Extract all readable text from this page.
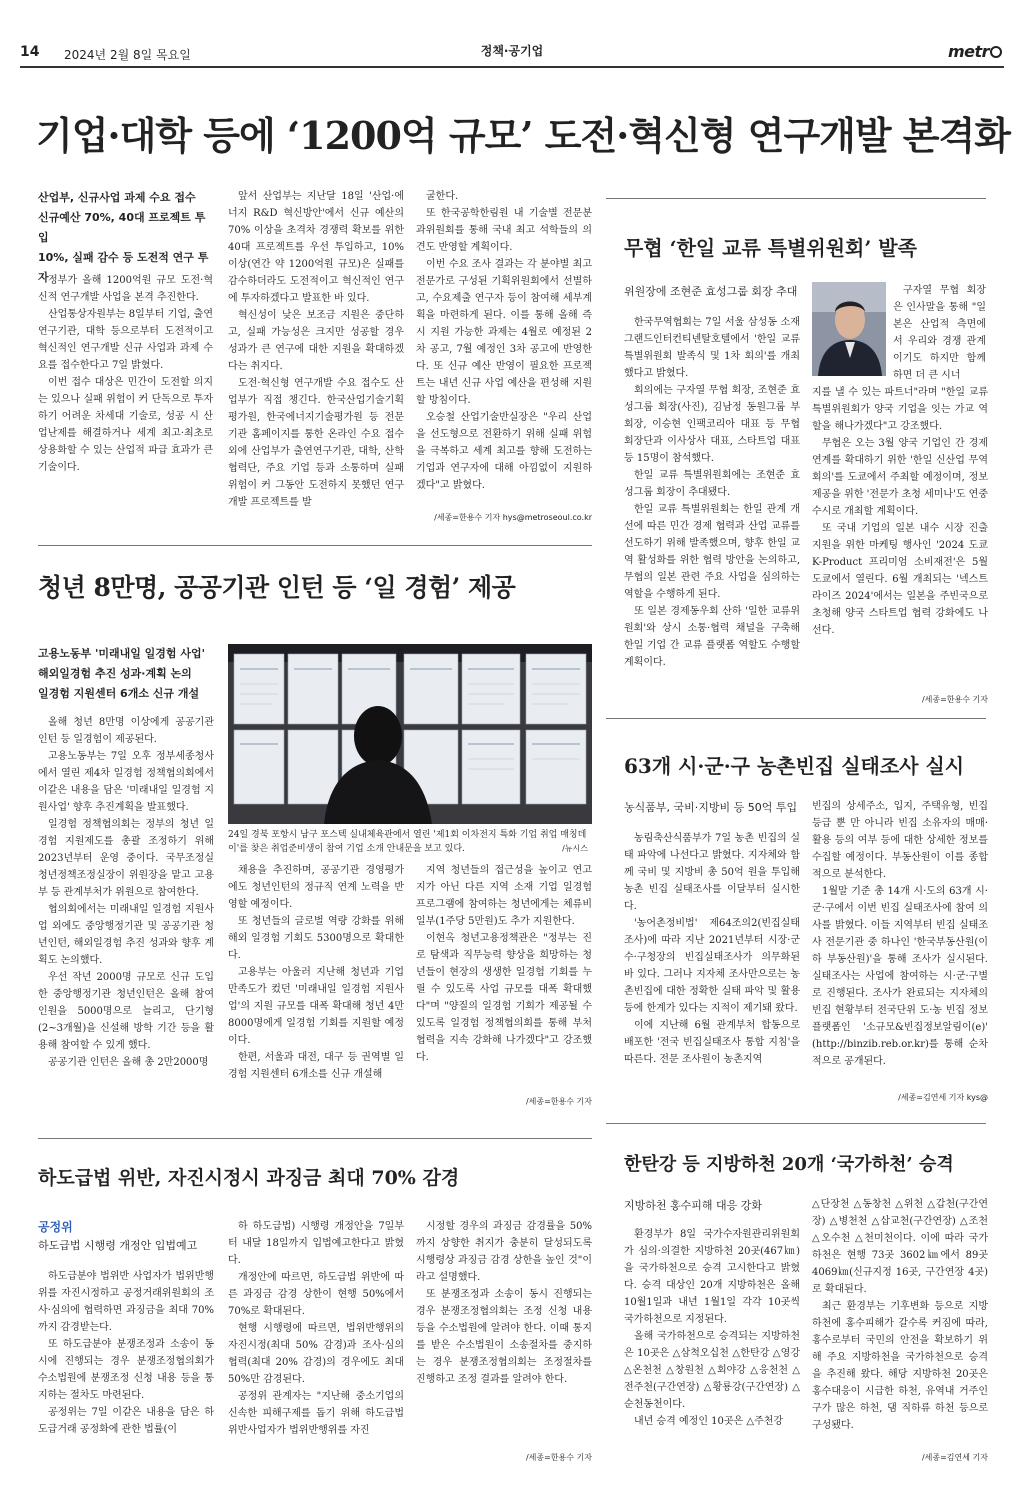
14 2024년 2월 8일 목요일	정책·공기업	metr
기업·대학 등에 ‘1200억 규모’ 도전·혁신형 연구개발 본격화
산업부, 신규사업 과제 수요 접수
신규예산 70%, 40대 프로젝트 투입
10%, 실패 감수 등 도전적 연구 투자 정부가 올해 1200억원 규모 도전·혁신적 연구개발 사업을 본격 추진한다.

산업통상자원부는 8일부터 기업, 출연연구기관, 대학 등으로부터 도전적이고 혁신적인 연구개발 신규 사업과 과제 수요를 접수한다고 7일 밝혔다.

이번 접수 대상은 민간이 도전할 의지는 있으나 실패 위험이 커 단독으로 투자하기 어려운 차세대 기술로, 성공 시 산업난제를 해결하거나 세계 최고·최초로 상용화할 수 있는 산업적 파급 효과가 큰 기술이다.

앞서 산업부는 지난달 18일 '산업·에너지 R&D 혁신방안'에서 신규 예산의 70% 이상을 초격차 경쟁력 확보를 위한 40대 프로젝트를 우선 투입하고, 10% 이상(연간 약 1200억원 규모)은 실패를 감수하더라도 도전적이고 혁신적인 연구에 투자하겠다고 발표한 바 있다.

혁신성이 낮은 보조금 지원은 중단하고, 실패 가능성은 크지만 성공할 경우 성과가 큰 연구에 대한 지원을 확대하겠다는 취지다.

도전·혁신형 연구개발 수요 접수도 산업부가 직접 챙긴다. 한국산업기술기획평가원, 한국에너지기술평가원 등 전문기관 홈페이지를 통한 온라인 수요 접수 외에 산업부가 출연연구기관, 대학, 산학협력단, 주요 기업 등과 소통하며 실패 위험이 커 그동안 도전하지 못했던 연구개발 프로젝트를 발

굴한다.

또 한국공학한림원 내 기술별 전문분과위원회를 통해 국내 최고 석학들의 의견도 반영할 계획이다.

이번 수요 조사 결과는 각 분야별 최고 전문가로 구성된 기획위원회에서 선별하고, 수요제출 연구자 등이 참여해 세부계획을 마련하게 된다. 이를 통해 올해 즉시 지원 가능한 과제는 4월로 예정된 2차 공고, 7월 예정인 3차 공고에 반영한다. 또 신규 예산 반영이 필요한 프로젝트는 내년 신규 사업 예산을 편성해 지원할 방침이다.

오승철 산업기술반실장은 "우리 산업을 선도형으로 전환하기 위해 실패 위험을 극복하고 세계 최고를 향해 도전하는 기업과 연구자에 대해 아낌없이 지원하겠다"고 밝혔다.

/세종=한용수 기자 hys@metroseoul.co.kr
청년 8만명, 공공기관 인턴 등 ‘일 경험’ 제공
고용노동부 '미래내일 일경험 사업'
해외일경험 추진 성과·계획 논의
일경험 지원센터 6개소 신규 개설

올해 청년 8만명 이상에게 공공기관 인턴 등 일경험이 제공된다.

고용노동부는 7일 오후 정부세종청사에서 열린 제4차 일경험 정책협의회에서 이같은 내용을 담은 '미래내일 일경험 지원사업' 향후 추진계획을 발표했다.

일경험 정책협의회는 정부의 청년 일경험 지원제도를 총괄 조정하기 위해 2023년부터 운영 중이다. 국무조정실 청년정책조정실장이 위원장을 맡고 고용부 등 관계부처가 위원으로 참여한다.

협의회에서는 미래내일 일경험 지원사업 외에도 중앙행정기관 및 공공기관 청년인턴, 해외일경험 추진 성과와 향후 계획도 논의했다.

우선 작년 2000명 규모로 신규 도입한 중앙행정기관 청년인턴은 올해 참여 인원을 5000명으로 늘리고, 단기형(2~3개월)을 신설해 방학 기간 등을 활용해 참여할 수 있게 했다.

공공기관 인턴은 올해 총 2만2000명

24일 경북 포항시 남구 포스텍 실내체육관에서 열린 '제1회 이차전지 특화 기업 취업 매칭데이'를 찾은 취업준비생이 참여 기업 소개 안내문을 보고 있다.	/뉴시스

채용을 추진하며, 공공기관 경영평가에도 청년인턴의 정규직 연계 노력을 반영할 예정이다.

또 청년들의 글로벌 역량 강화를 위해 해외 일경험 기회도 5300명으로 확대한다.

고용부는 아울러 지난해 청년과 기업 만족도가 컸던 '미래내일 일경험 지원사업'의 지원 규모를 대폭 확대해 청년 4만8000명에게 일경험 기회를 지원할 예정이다.

한편, 서울과 대전, 대구 등 권역별 일경험 지원센터 6개소를 신규 개설해

지역 청년들의 접근성을 높이고 연고지가 아닌 다른 지역 소재 기업 일경험 프로그램에 참여하는 청년에게는 체류비 일부(1주당 5만원)도 추가 지원한다.

이현옥 청년고용정책관은 "정부는 진로 탐색과 직무능력 향상을 희망하는 청년들이 현장의 생생한 일경험 기회를 누릴 수 있도록 사업 규모를 대폭 확대했다"며 "양질의 일경험 기회가 제공될 수 있도록 일경험 정책협의회를 통해 부처 협력을 지속 강화해 나가겠다"고 강조했다.

/세종=한용수 기자
하도급법 위반, 자진시정시 과징금 최대 70% 감경
공정위
하도급법 시행령 개정안 입법예고

하도급분야 법위반 사업자가 법위반행위를 자진시정하고 공정거래위원회의 조사·심의에 협력하면 과징금을 최대 70%까지 감경받는다.

또 하도급분야 분쟁조정과 소송이 동시에 진행되는 경우 분쟁조정협의회가 수소법원에 분쟁조정 신청 내용 등을 통지하는 절차도 마련된다.

공정위는 7일 이같은 내용을 담은 하도급거래 공정화에 관한 법률(이

하 하도급법) 시행령 개정안을 7일부터 내달 18일까지 입법예고한다고 밝혔다.

개정안에 따르면, 하도급법 위반에 따른 과징금 감경 상한이 현행 50%에서 70%로 확대된다.

현행 시행령에 따르면, 법위반행위의 자진시정(최대 50% 감경)과 조사·심의 협력(최대 20% 감경)의 경우에도 최대 50%만 감경된다.

공정위 관계자는 "지난해 중소기업의 신속한 피해구제를 돕기 위해 하도급법 위반사업자가 법위반행위를 자진

시정할 경우의 과징금 감경률을 50%까지 상향한 취지가 충분히 달성되도록 시행령상 과징금 감경 상한을 높인 것"이라고 설명했다.

또 분쟁조정과 소송이 동시 진행되는 경우 분쟁조정협의회는 조정 신청 내용 등을 수소법원에 알려야 한다. 이때 통지를 받은 수소법원이 소송절차를 중지하는 경우 분쟁조정협의회는 조정절차를 진행하고 조정 결과를 알려야 한다.

/세종=한용수 기자
무협 ‘한일 교류 특별위원회’ 발족
위원장에 조현준 효성그룹 회장 추대

한국무역협회는 7일 서울 삼성동 소재 그랜드인터컨티넨탈호텔에서 '한일 교류 특별위원회 발족식 및 1차 회의'를 개최했다고 밝혔다.

회의에는 구자열 무협 회장, 조현준 효성그룹 회장(사진), 김남정 동원그룹 부회장, 이승현 인팩코리아 대표 등 무협 회장단과 이사상사 대표, 스타트업 대표 등 15명이 참석했다.

한일 교류 특별위원회에는 조현준 효성그룹 회장이 추대됐다.

한일 교류 특별위원회는 한일 관계 개선에 따른 민간 경제 협력과 산업 교류를 선도하기 위해 발족했으며, 향후 한일 교역 활성화를 위한 협력 방안을 논의하고, 무협의 일본 관련 주요 사업을 심의하는 역할을 수행하게 된다.

또 일본 경제동우회 산하 '일한 교류위원회'와 상시 소통·협력 채널을 구축해 한일 기업 간 교류 플랫폼 역할도 수행할 계획이다.

구자열 무협 회장은 인사말을 통해 "일본은 산업적 측면에서 우리와 경쟁 관계이기도 하지만 함께하면 더 큰 시너

지를 낼 수 있는 파트너"라며 "한일 교류 특별위원회가 양국 기업을 잇는 가교 역할을 해나가겠다"고 강조했다.

무협은 오는 3월 양국 기업인 간 경제 연계를 확대하기 위한 '한일 신산업 무역 회의'를 도쿄에서 주최할 예정이며, 정보 제공을 위한 '전문가 초청 세미나'도 연중 수시로 개최할 계획이다.

또 국내 기업의 일본 내수 시장 진출 지원을 위한 마케팅 행사인 '2024 도쿄 K-Product 프리미엄 소비재전'은 5월 도쿄에서 열린다. 6월 개최되는 '넥스트 라이즈 2024'에서는 일본을 주빈국으로 초청해 양국 스타트업 협력 강화에도 나선다.

/세종=한용수 기자
63개 시·군·구 농촌빈집 실태조사 실시
농식품부, 국비·지방비 등 50억 투입

농림축산식품부가 7일 농촌 빈집의 실태 파악에 나선다고 밝혔다. 지자체와 함께 국비 및 지방비 총 50억 원을 투입해 농촌 빈집 실태조사를 이달부터 실시한다.

'농어촌정비법' 제64조의2(빈집실태조사)에 따라 지난 2021년부터 시장·군수·구청장의 빈집실태조사가 의무화된 바 있다. 그러나 지자체 조사만으로는 농촌빈집에 대한 정확한 실태 파악 및 활용 등에 한계가 있다는 지적이 제기돼 왔다.

이에 지난해 6월 관계부처 합동으로 배포한 '전국 빈집실태조사 통합 지침'을 따른다. 전문 조사원이 농촌지역

빈집의 상세주소, 입지, 주택유형, 빈집등급 뿐 만 아니라 빈집 소유자의 매매·활용 등의 여부 등에 대한 상세한 정보를 수집할 예정이다. 부동산원이 이를 종합적으로 분석한다.

1월말 기준 총 14개 시·도의 63개 시·군·구에서 이번 빈집 실태조사에 참여 의사를 밝혔다. 이들 지역부터 빈집 실태조사 전문기관 중 하나인 '한국부동산원(이하 부동산원)'을 통해 조사가 실시된다. 실태조사는 사업에 참여하는 시·군·구별로 진행된다. 조사가 완료되는 지자체의 빈집 현황부터 전국단위 도·농 빈집 정보플랫폼인 '소규모&빈집정보알림이(e)' (http://binzib.reb.or.kr)를 통해 순차적으로 공개된다.

/세종=김연세 기자 kys@
한탄강 등 지방하천 20개 ‘국가하천’ 승격
지방하천 홍수피해 대응 강화

환경부가 8일 국가수자원관리위원회가 심의·의결한 지방하천 20곳(467㎞)을 국가하천으로 승격 고시한다고 밝혔다. 승격 대상인 20개 지방하천은 올해 10월1일과 내년 1월1일 각각 10곳씩 국가하천으로 지정된다.

올해 국가하천으로 승격되는 지방하천은 10곳은 △삼척오십천 △한탄강 △영강 △온천천 △창원천 △회야강 △응천천 △전주천(구간연장) △황룡강(구간연장) △순천동천이다.

내년 승격 예정인 10곳은 △주천강

△단장천 △동창천 △위천 △갑천(구간연장) △병천천 △삽교천(구간연장) △조천 △오수천 △천미천이다. 이에 따라 국가하천은 현행 73곳 3602㎞에서 89곳 4069㎞(신규지정 16곳, 구간연장 4곳)로 확대된다.

최근 환경부는 기후변화 등으로 지방하천에 홍수피해가 갈수록 커짐에 따라, 홍수로부터 국민의 안전을 확보하기 위해 주요 지방하천을 국가하천으로 승격을 추진해 왔다. 해당 지방하천 20곳은 홍수대응이 시급한 하천, 유역내 거주인구가 많은 하천, 댐 직하류 하천 등으로 구성됐다.

/세종=김연세 기자
